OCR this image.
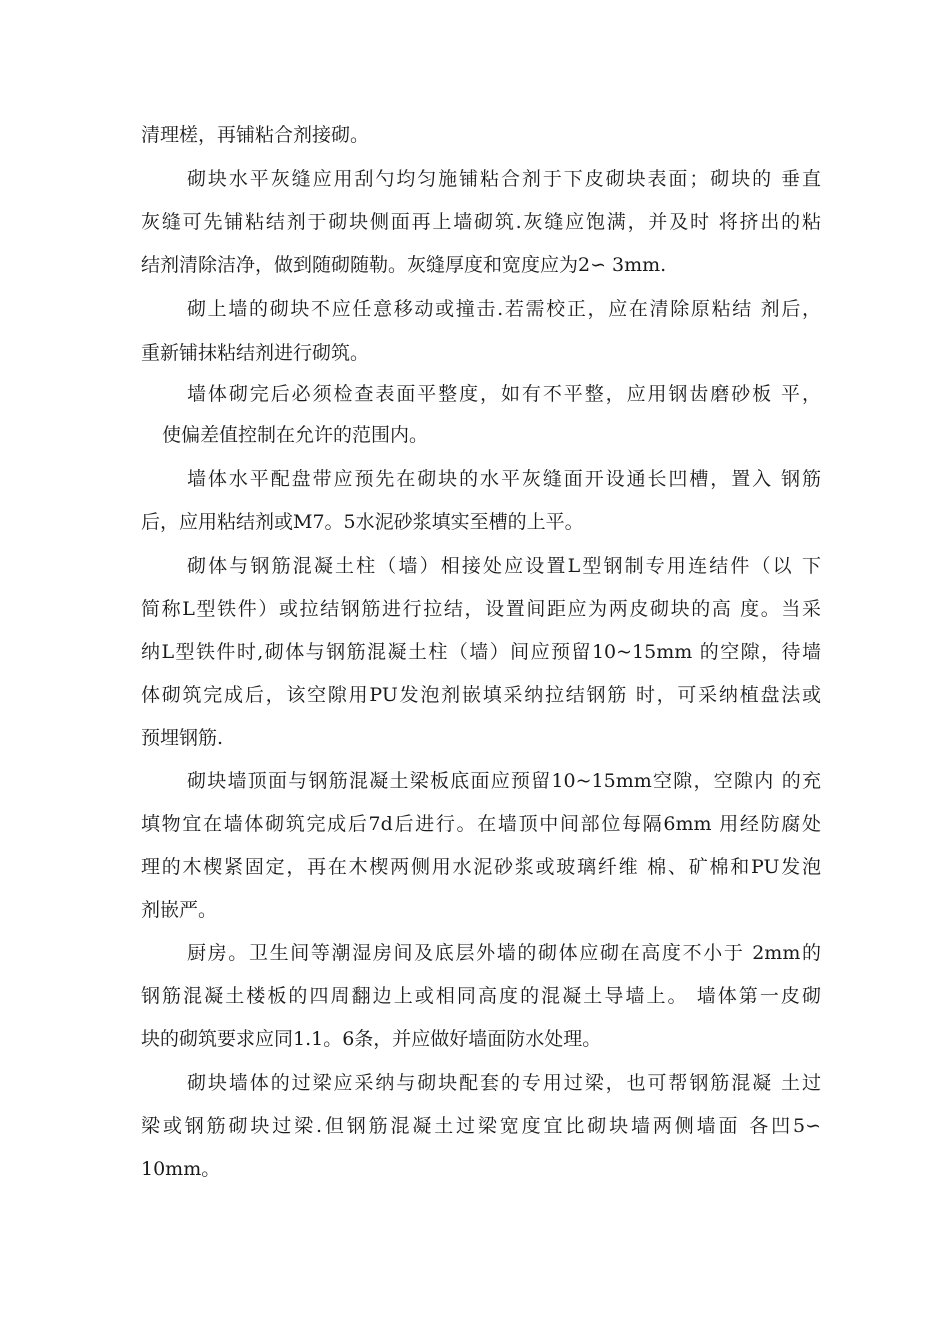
清理槎，再铺粘合剂接砌。
砌块水平灰缝应用刮勺均匀施铺粘合剂于下皮砌块表面；砌块的 垂直
灰缝可先铺粘结剂于砌块侧面再上墙砌筑.灰缝应饱满，并及时 将挤出的粘
结剂清除洁净，做到随砌随勒。灰缝厚度和宽度应为2∽ 3mm.
砌上墙的砌块不应任意移动或撞击.若需校正，应在清除原粘结 剂后，
重新铺抹粘结剂进行砌筑。
墙体砌完后必须检查表面平整度，如有不平整，应用钢齿磨砂板 平，
使偏差值控制在允许的范围内。
墙体水平配盘带应预先在砌块的水平灰缝面开设通长凹槽，置入 钢筋
后，应用粘结剂或M7。5水泥砂浆填实至槽的上平。
砌体与钢筋混凝土柱（墙）相接处应设置L型钢制专用连结件（以 下
简称L型铁件）或拉结钢筋进行拉结，设置间距应为两皮砌块的高 度。当采
纳L型铁件时,砌体与钢筋混凝土柱（墙）间应预留10~15mm 的空隙，待墙
体砌筑完成后，该空隙用PU发泡剂嵌填采纳拉结钢筋 时，可采纳植盘法或
预埋钢筋.
砌块墙顶面与钢筋混凝土梁板底面应预留10~15mm空隙，空隙内 的充
填物宜在墙体砌筑完成后7d后进行。在墙顶中间部位每隔6mm 用经防腐处
理的木楔紧固定，再在木楔两侧用水泥砂浆或玻璃纤维 棉、矿棉和PU发泡
剂嵌严。
厨房。卫生间等潮湿房间及底层外墙的砌体应砌在高度不小于 2mm的
钢筋混凝土楼板的四周翻边上或相同高度的混凝土导墙上。 墙体第一皮砌
块的砌筑要求应同1.1。6条，并应做好墙面防水处理。
砌块墙体的过梁应采纳与砌块配套的专用过梁，也可帮钢筋混凝 土过
梁或钢筋砌块过梁.但钢筋混凝土过梁宽度宜比砌块墙两侧墙面 各凹5∽
10mm。
